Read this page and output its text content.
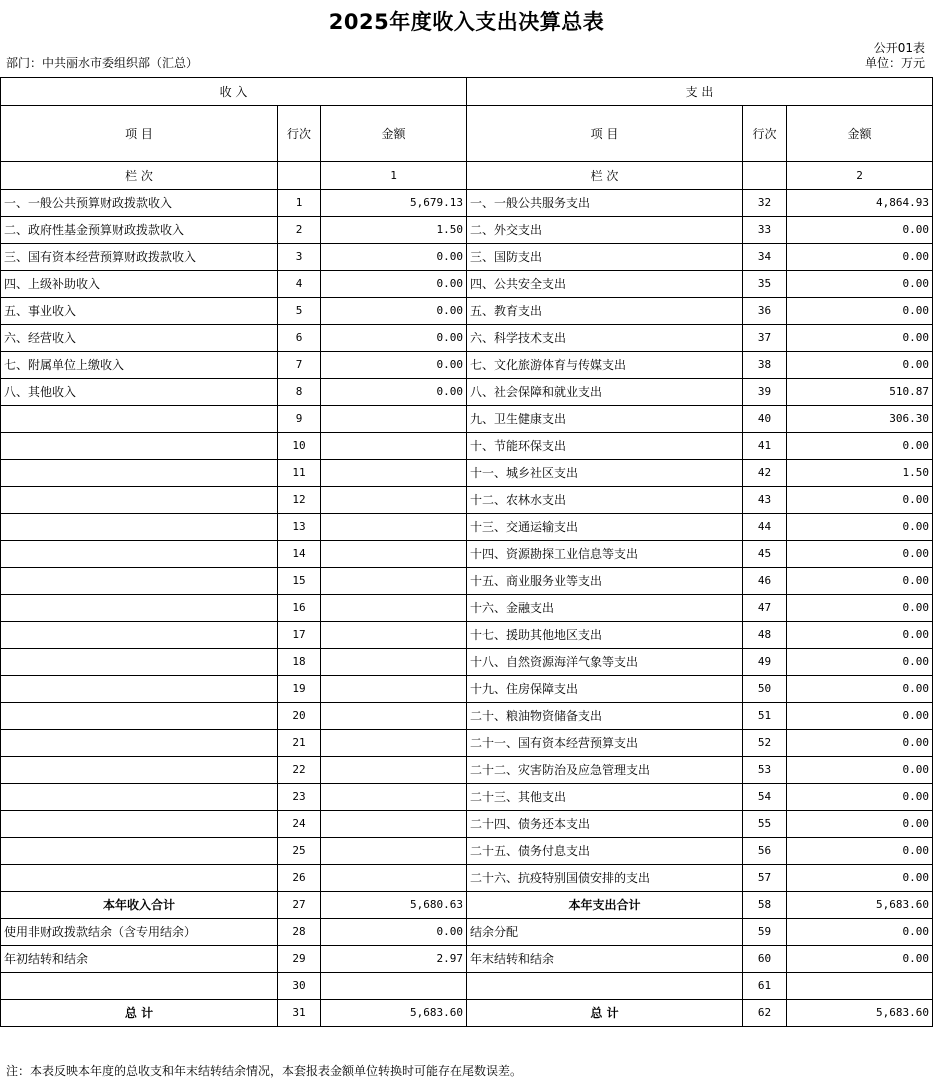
2025年度收入支出决算总表
公开01表
部门：中共丽水市委组织部（汇总）	单位：万元
收 入			支 出		
项 目	行次	金额	项 目	行次	金额
栏 次		1	栏 次		2
一、一般公共预算财政拨款收入	1	5,679.13	一、一般公共服务支出	32	4,864.93
二、政府性基金预算财政拨款收入	2	1.50	二、外交支出	33	0.00
三、国有资本经营预算财政拨款收入	3	0.00	三、国防支出	34	0.00
四、上级补助收入	4	0.00	四、公共安全支出	35	0.00
五、事业收入	5	0.00	五、教育支出	36	0.00
六、经营收入	6	0.00	六、科学技术支出	37	0.00
七、附属单位上缴收入	7	0.00	七、文化旅游体育与传媒支出	38	0.00
八、其他收入	8	0.00	八、社会保障和就业支出	39	510.87
	9		九、卫生健康支出	40	306.30
	10		十、节能环保支出	41	0.00
	11		十一、城乡社区支出	42	1.50
	12		十二、农林水支出	43	0.00
	13		十三、交通运输支出	44	0.00
	14		十四、资源勘探工业信息等支出	45	0.00
	15		十五、商业服务业等支出	46	0.00
	16		十六、金融支出	47	0.00
	17		十七、援助其他地区支出	48	0.00
	18		十八、自然资源海洋气象等支出	49	0.00
	19		十九、住房保障支出	50	0.00
	20		二十、粮油物资储备支出	51	0.00
	21		二十一、国有资本经营预算支出	52	0.00
	22		二十二、灾害防治及应急管理支出	53	0.00
	23		二十三、其他支出	54	0.00
	24		二十四、债务还本支出	55	0.00
	25		二十五、债务付息支出	56	0.00
	26		二十六、抗疫特别国债安排的支出	57	0.00
本年收入合计	27	5,680.63	本年支出合计	58	5,683.60
使用非财政拨款结余（含专用结余）	28	0.00	结余分配	59	0.00
年初结转和结余	29	2.97	年末结转和结余	60	0.00
	30			61	
总 计	31	5,683.60	总 计	62	5,683.60
注：本表反映本年度的总收支和年末结转结余情况，本套报表金额单位转换时可能存在尾数误差。
